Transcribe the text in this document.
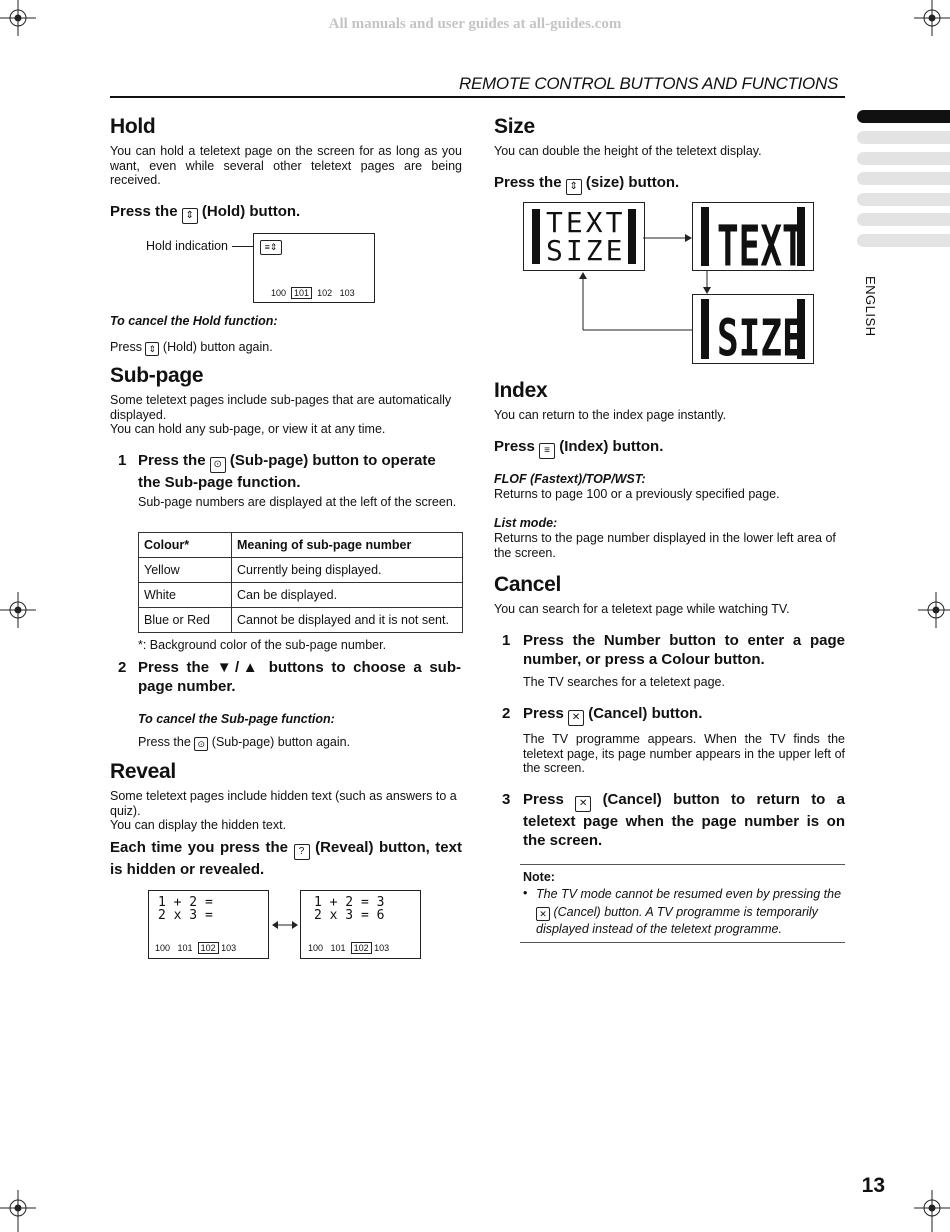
All manuals and user guides at all-guides.com
REMOTE CONTROL BUTTONS AND FUNCTIONS
ENGLISH
Hold
You can hold a teletext page on the screen for as long as you want, even while several other teletext pages are being received.
Press the ⇕ (Hold) button.
Hold indication	≡⇕
100 101 102 103
To cancel the Hold function:
Press ⇕ (Hold) button again.
Sub-page

Some teletext pages include sub-pages that are automatically displayed.

You can hold any sub-page, or view it at any time.

1 Press the ⊙ (Sub-page) button to operate the Sub-page function.
Sub-page numbers are displayed at the left of the screen.
Colour*	Meaning of sub-page number
Yellow	Currently being displayed.
White	Can be displayed.
Blue or Red	Cannot be displayed and it is not sent.
*: Background color of the sub-page number.
2 Press the ▼/▲ buttons to choose a sub-page number.
To cancel the Sub-page function:
Press the ⊙ (Sub-page) button again.
Reveal

Some teletext pages include hidden text (such as answers to a quiz).

You can display the hidden text.

Each time you press the ? (Reveal) button, text is hidden or revealed.
1 + 2 =
2 x 3 =
100 101 102 103
1 + 2 = 3
2 x 3 = 6
100 101 102 103
Size
You can double the height of the teletext display.
Press the ⇕ (size) button.
TEXT
SIZE	TEXT
SIZE
Index
You can return to the index page instantly.
Press ≡ (Index) button.
FLOF (Fastext)/TOP/WST:
Returns to page 100 or a previously specified page.
List mode:
Returns to the page number displayed in the lower left area of the screen.
Cancel
You can search for a teletext page while watching TV.
1 Press the Number button to enter a page number, or press a Colour button.
The TV searches for a teletext page.
2 Press ✕ (Cancel) button.
The TV programme appears. When the TV finds the teletext page, its page number appears in the upper left of the screen.
3 Press ✕ (Cancel) button to return to a teletext page when the page number is on the screen.
Note:
• The TV mode cannot be resumed even by pressing the ✕ (Cancel) button. A TV programme is temporarily displayed instead of the teletext programme.
13
